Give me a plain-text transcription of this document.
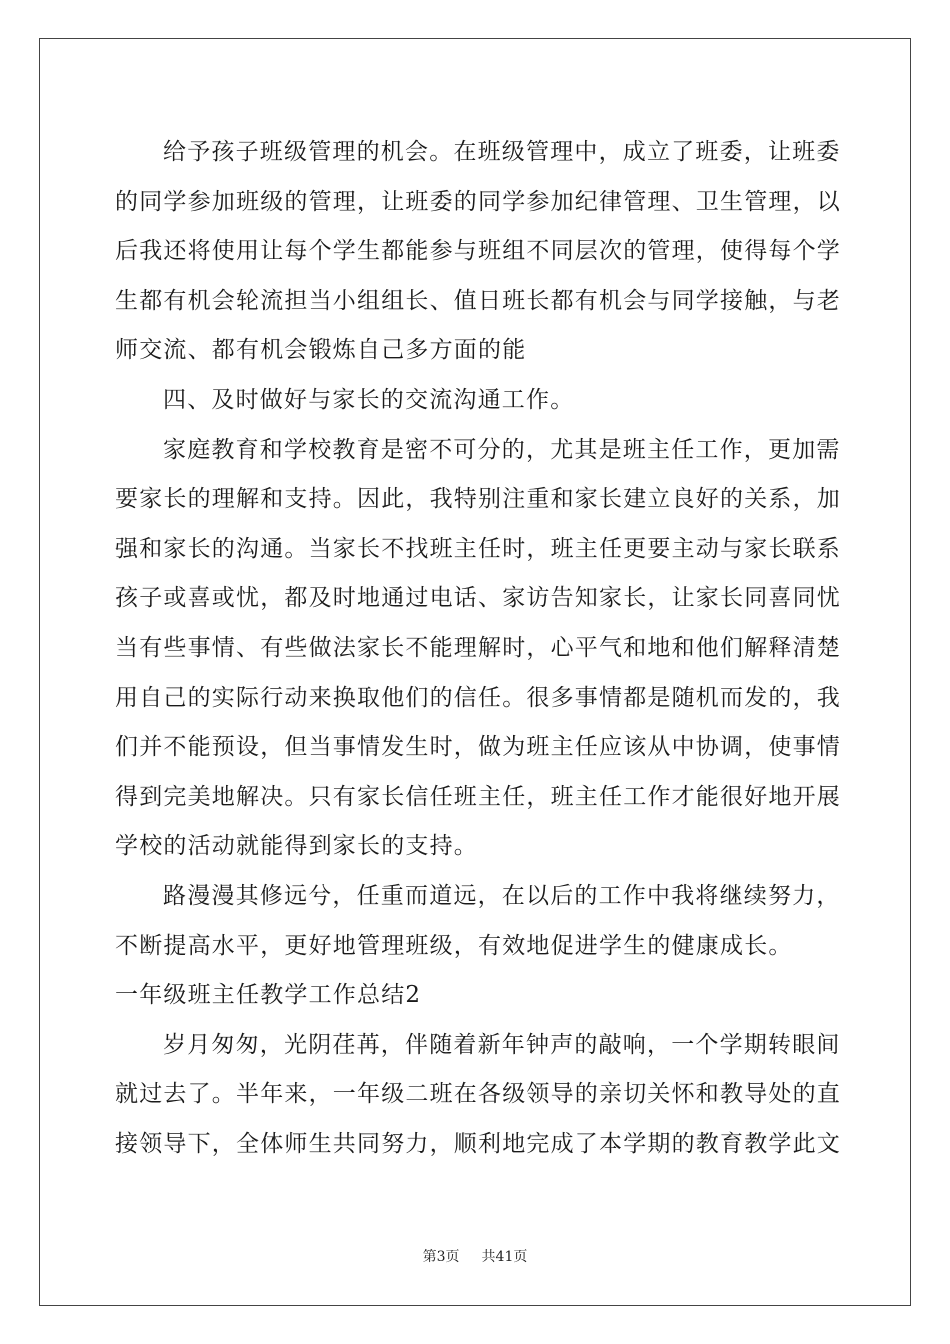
给予孩子班级管理的机会。在班级管理中，成立了班委，让班委
的同学参加班级的管理，让班委的同学参加纪律管理、卫生管理，以
后我还将使用让每个学生都能参与班组不同层次的管理，使得每个学
生都有机会轮流担当小组组长、值日班长都有机会与同学接触，与老
师交流、都有机会锻炼自己多方面的能
四、及时做好与家长的交流沟通工作。
家庭教育和学校教育是密不可分的，尤其是班主任工作，更加需
要家长的理解和支持。因此，我特别注重和家长建立良好的关系，加
强和家长的沟通。当家长不找班主任时，班主任更要主动与家长联系
孩子或喜或忧，都及时地通过电话、家访告知家长，让家长同喜同忧
当有些事情、有些做法家长不能理解时，心平气和地和他们解释清楚
用自己的实际行动来换取他们的信任。很多事情都是随机而发的，我
们并不能预设，但当事情发生时，做为班主任应该从中协调，使事情
得到完美地解决。只有家长信任班主任，班主任工作才能很好地开展
学校的活动就能得到家长的支持。
路漫漫其修远兮，任重而道远，在以后的工作中我将继续努力，
不断提高水平，更好地管理班级，有效地促进学生的健康成长。
一年级班主任教学工作总结2
岁月匆匆，光阴荏苒，伴随着新年钟声的敲响，一个学期转眼间
就过去了。半年来，一年级二班在各级领导的亲切关怀和教导处的直
接领导下，全体师生共同努力，顺利地完成了本学期的教育教学此文
第3页 共41页
